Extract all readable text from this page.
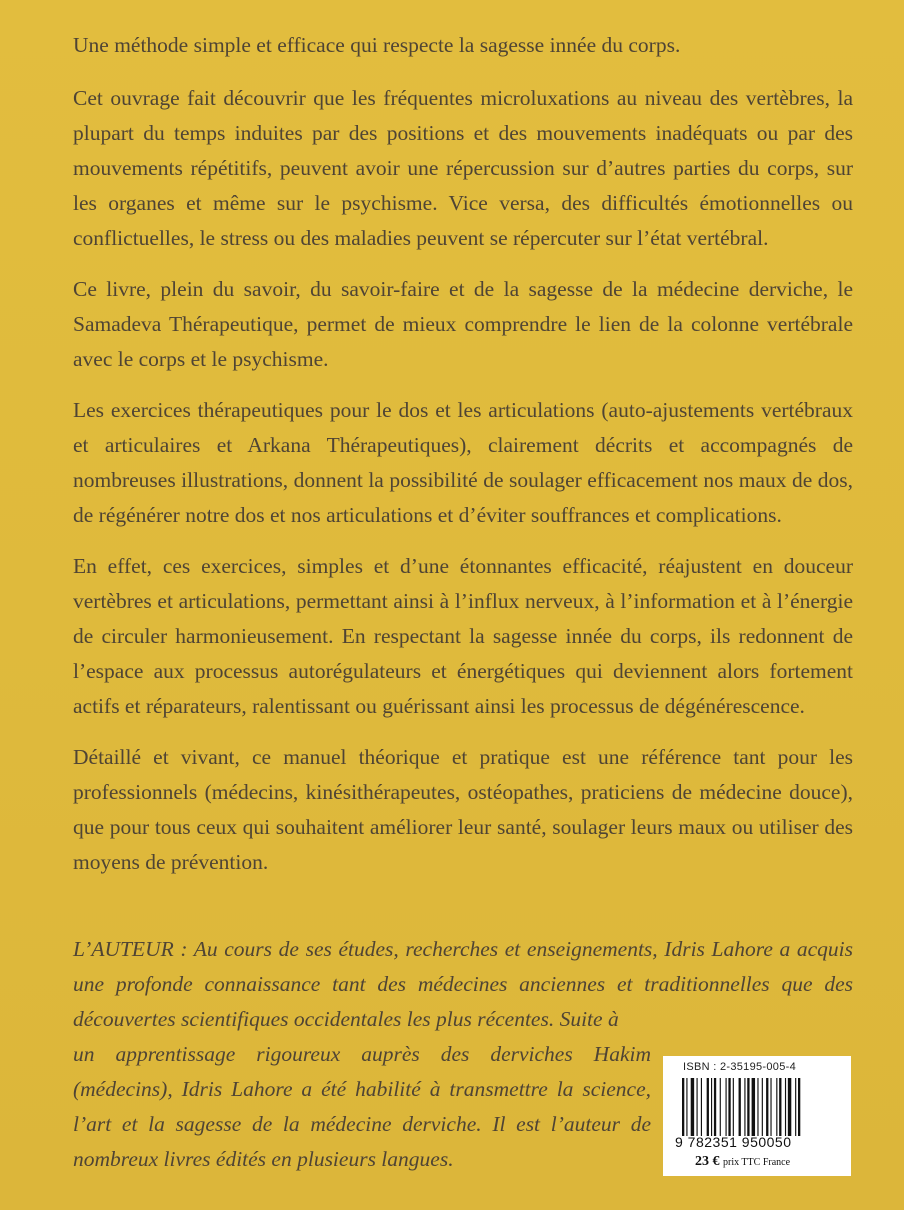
Une méthode simple et efficace qui respecte la sagesse innée du corps.

Cet ouvrage fait découvrir que les fréquentes microluxations au niveau des vertèbres, la plupart du temps induites par des positions et des mouvements inadéquats ou par des mouvements répétitifs, peuvent avoir une répercussion sur d’autres parties du corps, sur les organes et même sur le psychisme. Vice versa, des difficultés émotionnelles ou conflictuelles, le stress ou des maladies peuvent se répercuter sur l’état vertébral.

Ce livre, plein du savoir, du savoir-faire et de la sagesse de la médecine derviche, le Samadeva Thérapeutique, permet de mieux comprendre le lien de la colonne vertébrale avec le corps et le psychisme.

Les exercices thérapeutiques pour le dos et les articulations (auto-ajustements vertébraux et articulaires et Arkana Thérapeutiques), clairement décrits et accompagnés de nombreuses illustrations, donnent la possibilité de soulager efficacement nos maux de dos, de régénérer notre dos et nos articulations et d’éviter souffrances et complications.

En effet, ces exercices, simples et d’une étonnantes efficacité, réajustent en douceur vertèbres et articulations, permettant ainsi à l’influx nerveux, à l’information et à l’énergie de circuler harmonieusement. En respectant la sagesse innée du corps, ils redonnent de l’espace aux processus autorégulateurs et énergétiques qui deviennent alors fortement actifs et réparateurs, ralentissant ou guérissant ainsi les processus de dégénérescence.

Détaillé et vivant, ce manuel théorique et pratique est une référence tant pour les professionnels (médecins, kinésithérapeutes, ostéopathes, praticiens de médecine douce), que pour tous ceux qui souhaitent améliorer leur santé, soulager leurs maux ou utiliser des moyens de prévention.

L’AUTEUR : Au cours de ses études, recherches et enseignements, Idris Lahore a acquis une profonde connaissance tant des médecines anciennes et traditionnelles que des découvertes scientifiques occidentales les plus récentes. Suite à
un apprentissage rigoureux auprès des derviches Hakim (médecins), Idris Lahore a été habilité à transmettre la science, l’art et la sagesse de la médecine derviche. Il est l’auteur de nombreux livres édités en plusieurs langues.
ISBN : 2-35195-005-4
9 782351 950050
23 € prix TTC France
